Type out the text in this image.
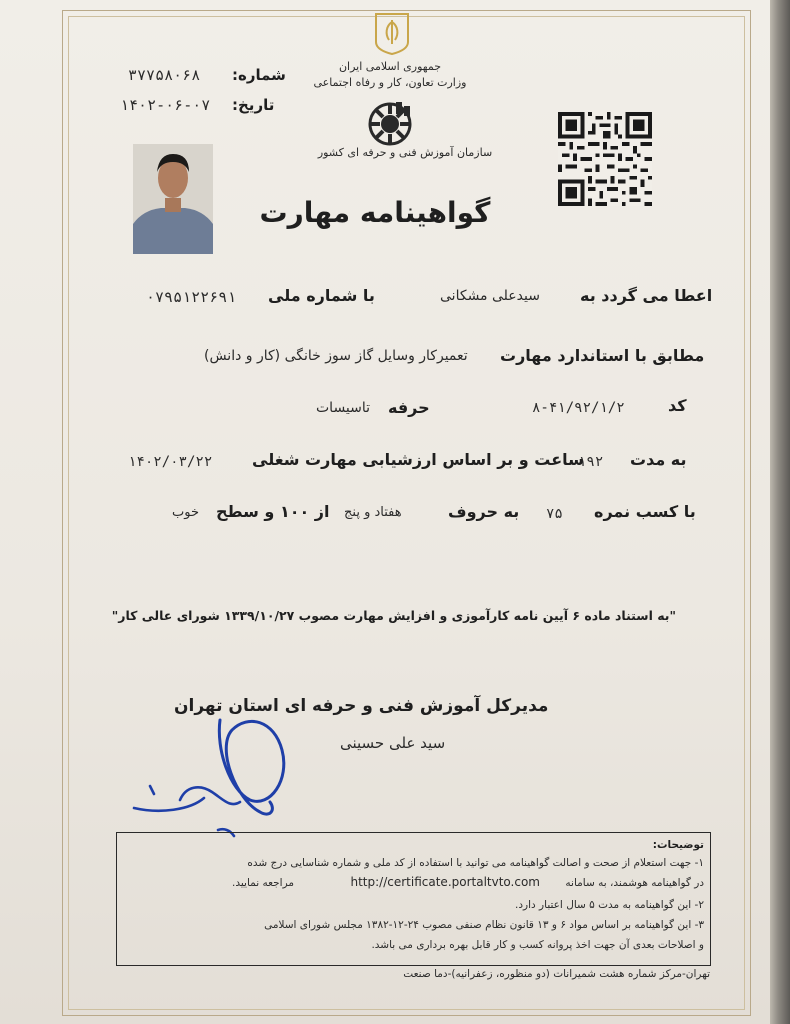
جمهوری اسلامی ایران
وزارت تعاون، کار و رفاه اجتماعی
سازمان آموزش فنی و حرفه ای کشور
شماره:
۳۷۷۵۸۰۶۸
تاریخ:
۱۴۰۲-۰۶-۰۷
گواهینامه مهارت
اعطا می گردد به
سیدعلی مشکانی
با شماره ملی
۰۷۹۵۱۲۲۶۹۱
مطابق با استاندارد مهارت
تعمیرکار وسایل گاز سوز خانگی (کار و دانش)
کد
۸-۴۱/۹۲/۱/۲
حرفه
تاسیسات
به مدت
۱۹۲
ساعت و بر اساس ارزشیابی مهارت شغلی
۱۴۰۲/۰۳/۲۲
با کسب نمره
۷۵
به حروف
هفتاد و پنج
از ۱۰۰ و سطح
خوب
"به استناد ماده ۶ آیین نامه کارآموزی و افزایش مهارت مصوب ۱۳۳۹/۱۰/۲۷ شورای عالی کار"
مدیرکل آموزش فنی و حرفه ای استان تهران
سید علی حسینی
توضیحات:
۱- جهت استعلام از صحت و اصالت گواهینامه می توانید با استفاده از کد ملی و شماره شناسایی درج شده
در گواهینامه هوشمند، به سامانه
http://certificate.portaltvto.com
مراجعه نمایید.
۲- این گواهینامه به مدت ۵ سال اعتبار دارد.
۳- این گواهینامه بر اساس مواد ۶ و ۱۳ قانون نظام صنفی مصوب ۲۴-۱۲-۱۳۸۲ مجلس شورای اسلامی
و اصلاحات بعدی آن جهت اخذ پروانه کسب و کار قابل بهره برداری می باشد.
تهران-مرکز شماره هشت شمیرانات (دو منظوره، زعفرانیه)-دما صنعت
